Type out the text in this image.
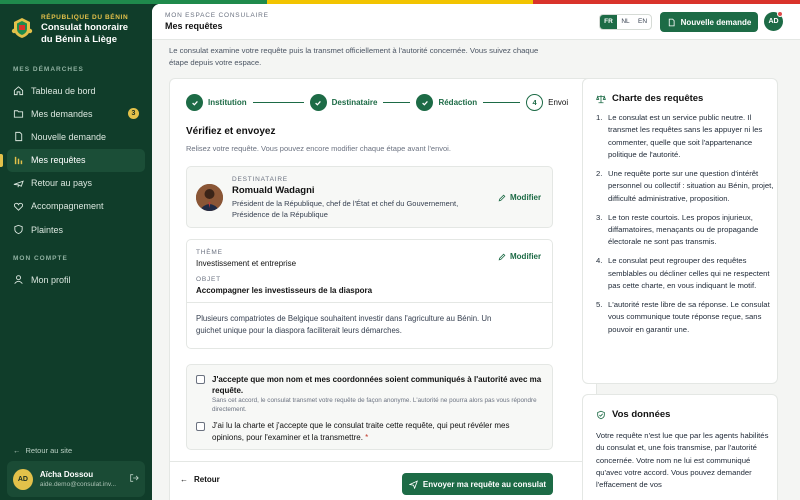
RÉPUBLIQUE DU BÉNIN
Consulat honoraire du Bénin à Liège
MES DÉMARCHES
Tableau de bord
Mes demandes	3
Nouvelle demande
Mes requêtes
Retour au pays
Accompagnement
Plaintes
MON COMPTE
Mon profil
← Retour au site
AD	Aïcha Dossou
aide.demo@consulat.inv...
MON ESPACE CONSULAIRE
Mes requêtes	FR	NL	EN	Nouvelle demande	AD

Le consulat examine votre requête puis la transmet officiellement à l'autorité concernée. Vous suivez chaque étape depuis votre espace.

Institution	Destinataire	Rédaction	4	Envoi
Vérifiez et envoyez

Relisez votre requête. Vous pouvez encore modifier chaque étape avant l'envoi.

DESTINATAIRE
Romuald Wadagni
Président de la République, chef de l'État et chef du Gouvernement, Présidence de la République
Modifier
THÈME
Investissement et entreprise
OBJET
Accompagner les investisseurs de la diaspora
Modifier

Plusieurs compatriotes de Belgique souhaitent investir dans l'agriculture au Bénin. Un guichet unique pour la diaspora faciliterait leurs démarches.

J'accepte que mon nom et mes coordonnées soient communiqués à l'autorité avec ma requête.
Sans cet accord, le consulat transmet votre requête de façon anonyme. L'autorité ne pourra alors pas vous répondre directement.
J'ai lu la charte et j'accepte que le consulat traite cette requête, qui peut révéler mes opinions, pour l'examiner et la transmettre. *
← Retour	Envoyer ma requête au consulat
Charte des requêtes
1. Le consulat est un service public neutre. Il transmet les requêtes sans les appuyer ni les commenter, quelle que soit l'appartenance politique de l'autorité.
2. Une requête porte sur une question d'intérêt personnel ou collectif : situation au Bénin, projet, difficulté administrative, proposition.
3. Le ton reste courtois. Les propos injurieux, diffamatoires, menaçants ou de propagande électorale ne sont pas transmis.
4. Le consulat peut regrouper des requêtes semblables ou décliner celles qui ne respectent pas cette charte, en vous indiquant le motif.
5. L'autorité reste libre de sa réponse. Le consulat vous communique toute réponse reçue, sans pouvoir en garantir une.
Vos données

Votre requête n'est lue que par les agents habilités du consulat et, une fois transmise, par l'autorité concernée. Votre nom ne lui est communiqué qu'avec votre accord. Vous pouvez demander l'effacement de vos
